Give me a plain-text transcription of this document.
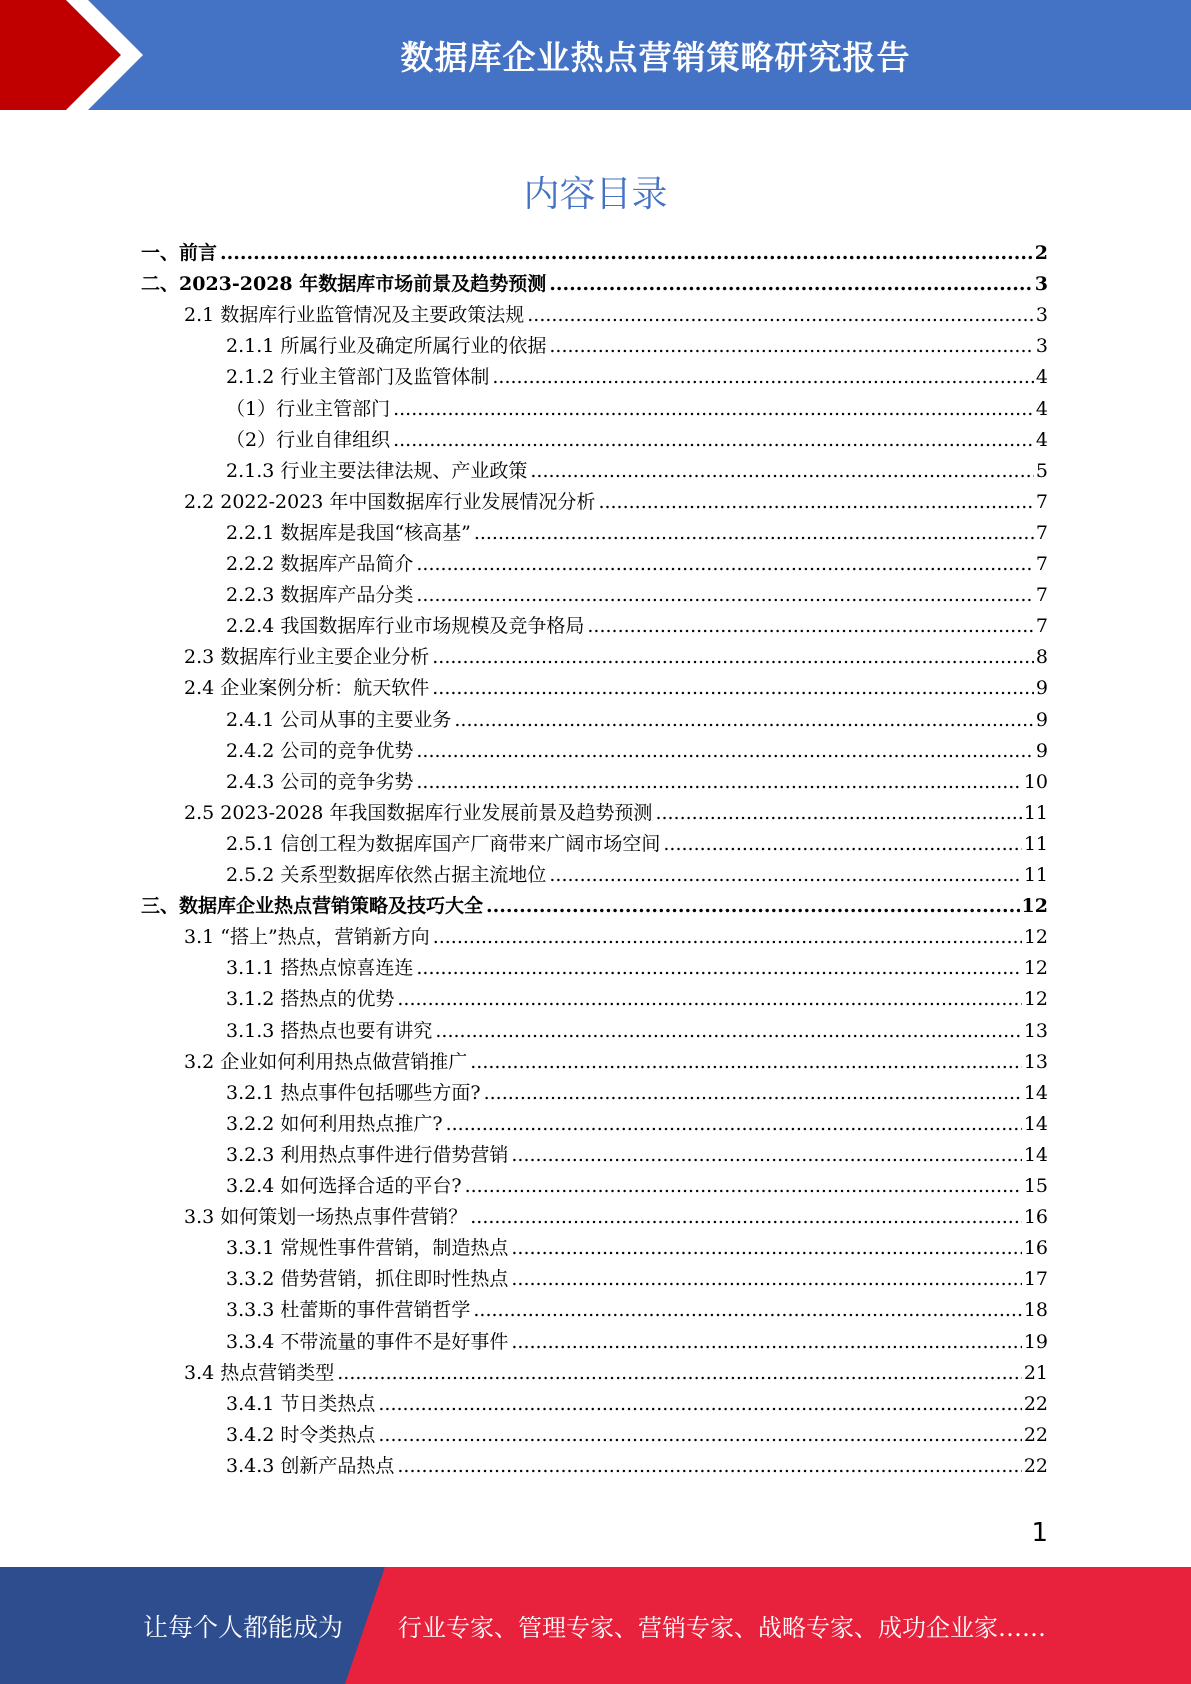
数据库企业热点营销策略研究报告
内容目录
一、前言 .....	2
二、2023-2028 年数据库市场前景及趋势预测 .....	3
2.1 数据库行业监管情况及主要政策法规 .....	3
2.1.1 所属行业及确定所属行业的依据 .....	3
2.1.2 行业主管部门及监管体制 .....	4
（1）行业主管部门 .....	4
（2）行业自律组织 .....	4
2.1.3 行业主要法律法规、产业政策 .....	5
2.2 2022-2023 年中国数据库行业发展情况分析 .....	7
2.2.1 数据库是我国“核高基” .....	7
2.2.2 数据库产品简介 .....	7
2.2.3 数据库产品分类 .....	7
2.2.4 我国数据库行业市场规模及竞争格局 .....	7
2.3 数据库行业主要企业分析 .....	8
2.4 企业案例分析：航天软件 .....	9
2.4.1 公司从事的主要业务 .....	9
2.4.2 公司的竞争优势 .....	9
2.4.3 公司的竞争劣势 .....	10
2.5 2023-2028 年我国数据库行业发展前景及趋势预测 .....	11
2.5.1 信创工程为数据库国产厂商带来广阔市场空间 .....	11
2.5.2 关系型数据库依然占据主流地位 .....	11
三、数据库企业热点营销策略及技巧大全 .....	12
3.1 “搭上”热点，营销新方向 .....	12
3.1.1 搭热点惊喜连连 .....	12
3.1.2 搭热点的优势 .....	12
3.1.3 搭热点也要有讲究 .....	13
3.2 企业如何利用热点做营销推广 .....	13
3.2.1 热点事件包括哪些方面? .....	14
3.2.2 如何利用热点推广? .....	14
3.2.3 利用热点事件进行借势营销 .....	14
3.2.4 如何选择合适的平台? .....	15
3.3 如何策划一场热点事件营销？ .....	16
3.3.1 常规性事件营销，制造热点 .....	16
3.3.2 借势营销，抓住即时性热点 .....	17
3.3.3 杜蕾斯的事件营销哲学 .....	18
3.3.4 不带流量的事件不是好事件 .....	19
3.4 热点营销类型 .....	21
3.4.1 节日类热点 .....	22
3.4.2 时令类热点 .....	22
3.4.3 创新产品热点 .....	22
1
让每个人都能成为 行业专家、管理专家、营销专家、战略专家、成功企业家……
